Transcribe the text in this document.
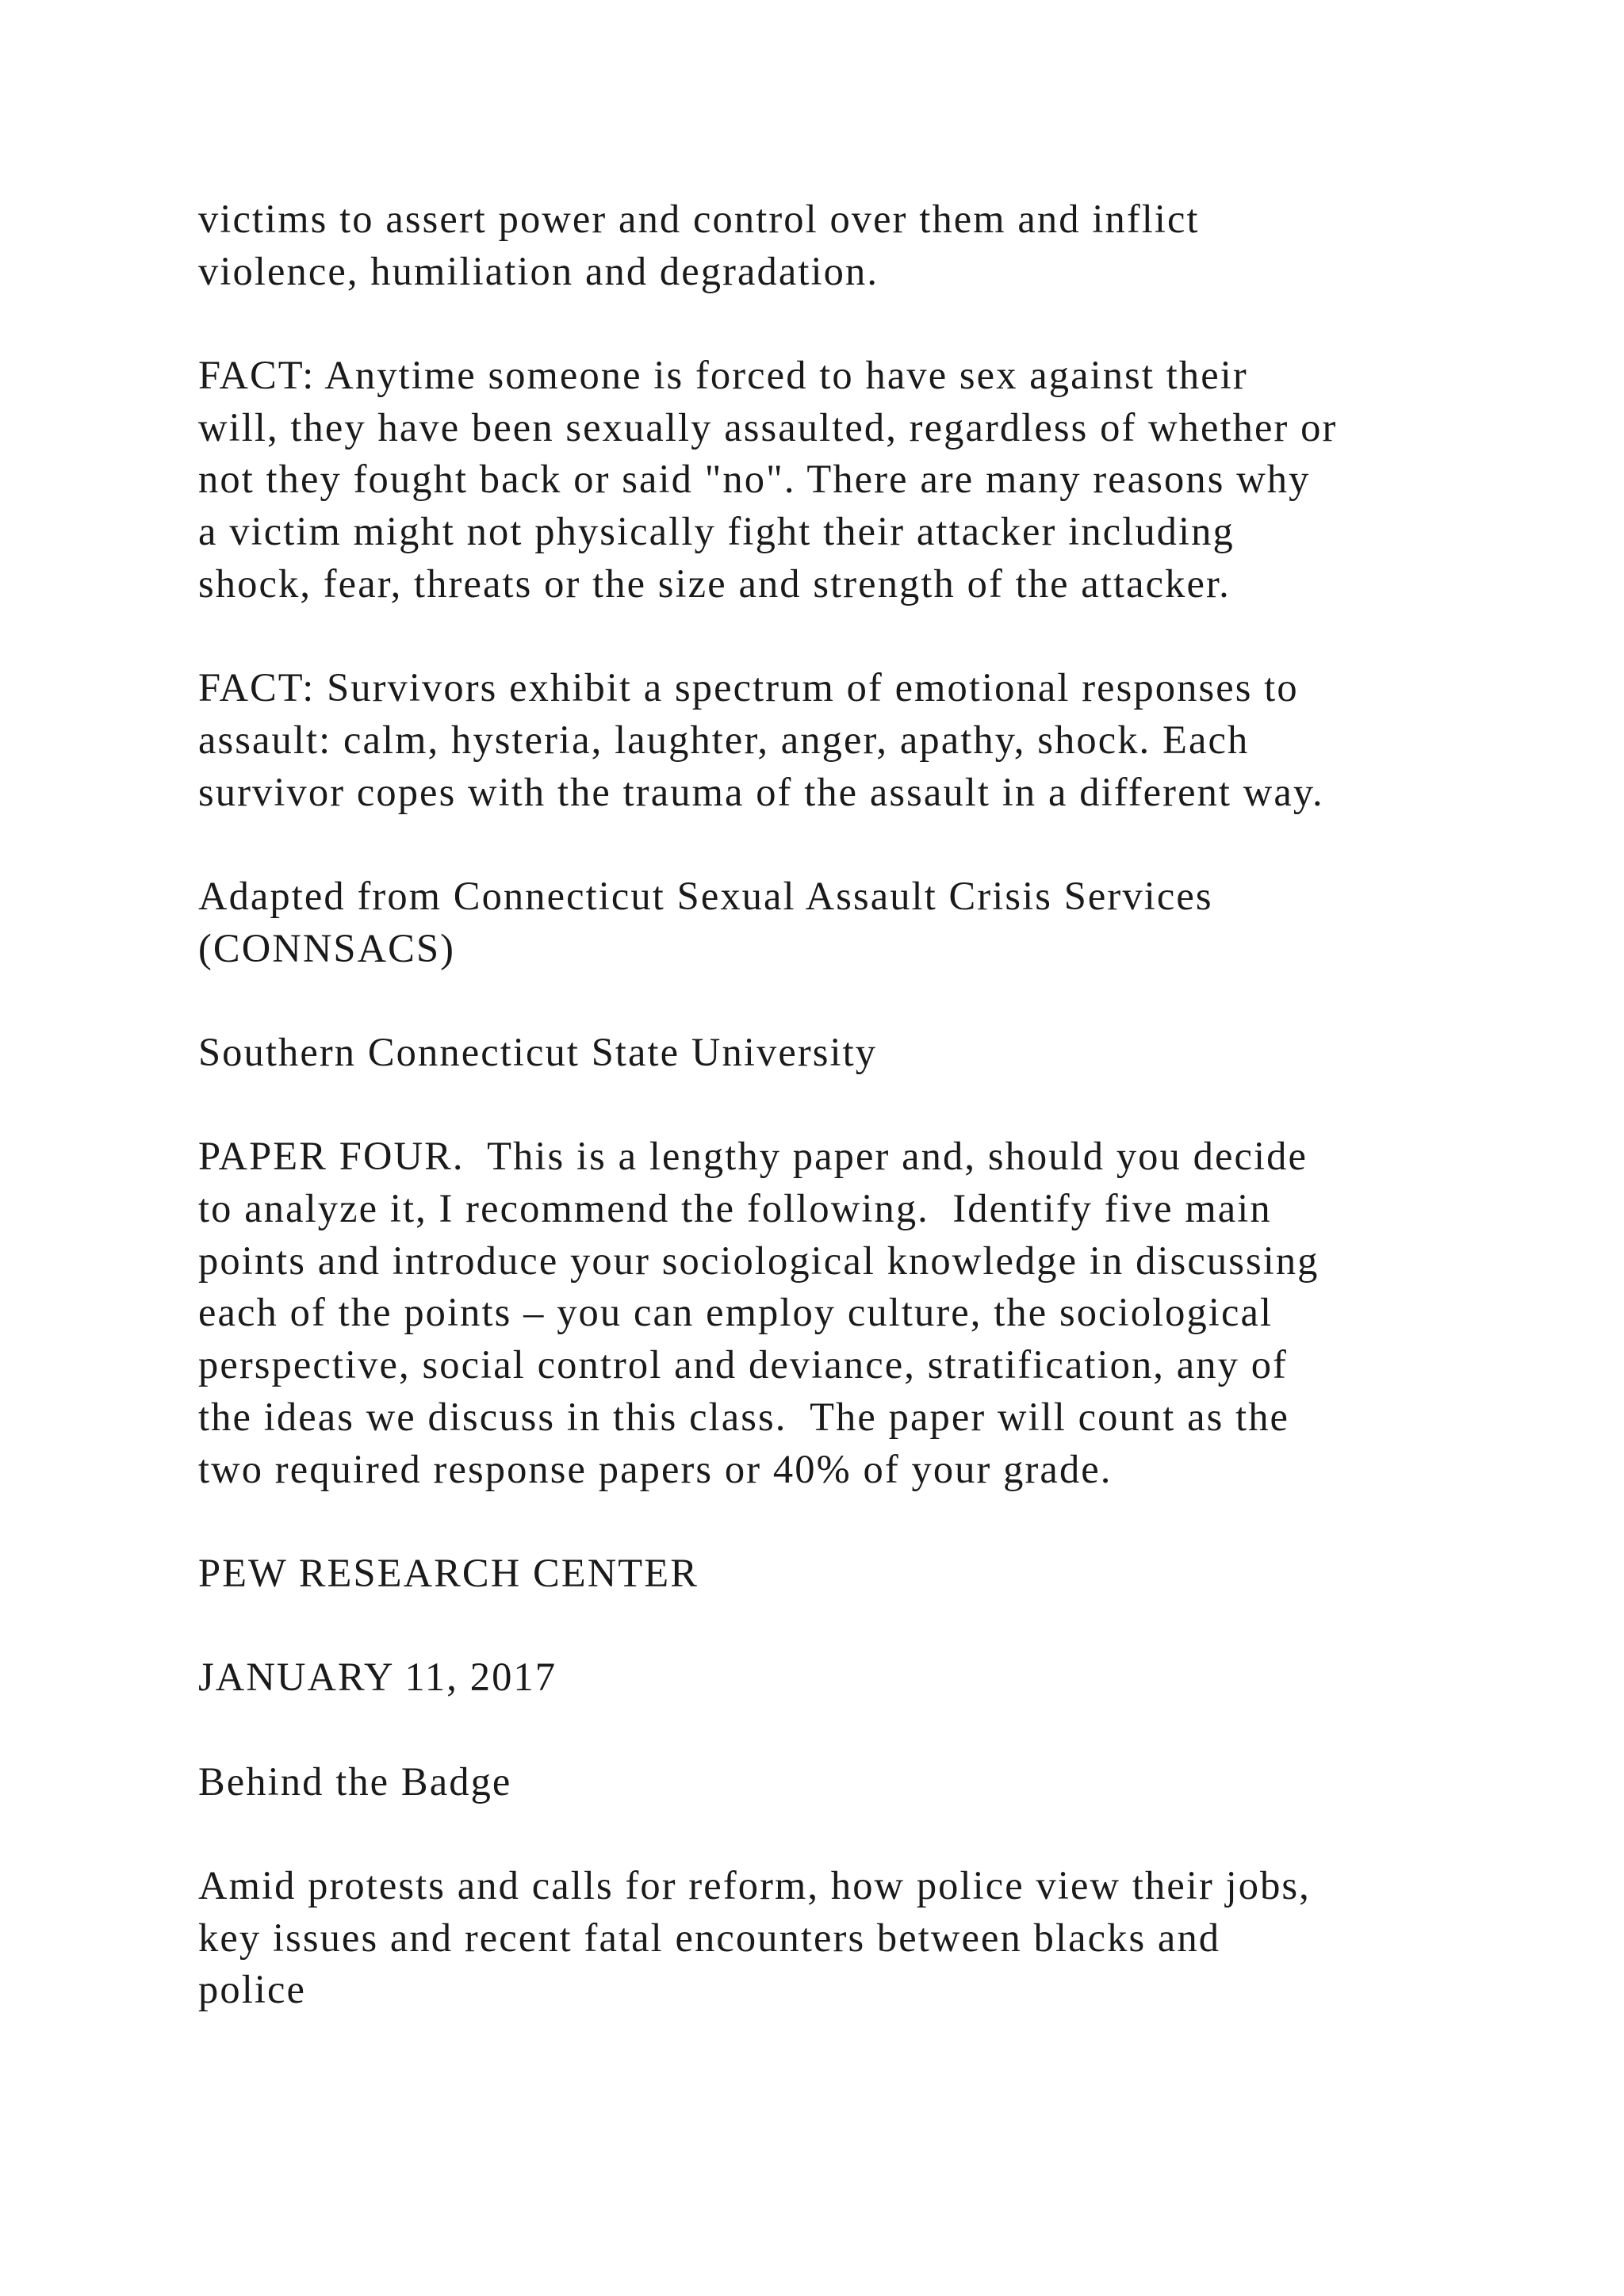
victims to assert power and control over them and inflict
violence, humiliation and degradation.
FACT: Anytime someone is forced to have sex against their
will, they have been sexually assaulted, regardless of whether or
not they fought back or said "no". There are many reasons why
a victim might not physically fight their attacker including
shock, fear, threats or the size and strength of the attacker.
FACT: Survivors exhibit a spectrum of emotional responses to
assault: calm, hysteria, laughter, anger, apathy, shock. Each
survivor copes with the trauma of the assault in a different way.
Adapted from Connecticut Sexual Assault Crisis Services
(CONNSACS)
Southern Connecticut State University
PAPER FOUR.  This is a lengthy paper and, should you decide
to analyze it, I recommend the following.  Identify five main
points and introduce your sociological knowledge in discussing
each of the points – you can employ culture, the sociological
perspective, social control and deviance, stratification, any of
the ideas we discuss in this class.  The paper will count as the
two required response papers or 40% of your grade.
PEW RESEARCH CENTER
JANUARY 11, 2017
Behind the Badge
Amid protests and calls for reform, how police view their jobs,
key issues and recent fatal encounters between blacks and
police
